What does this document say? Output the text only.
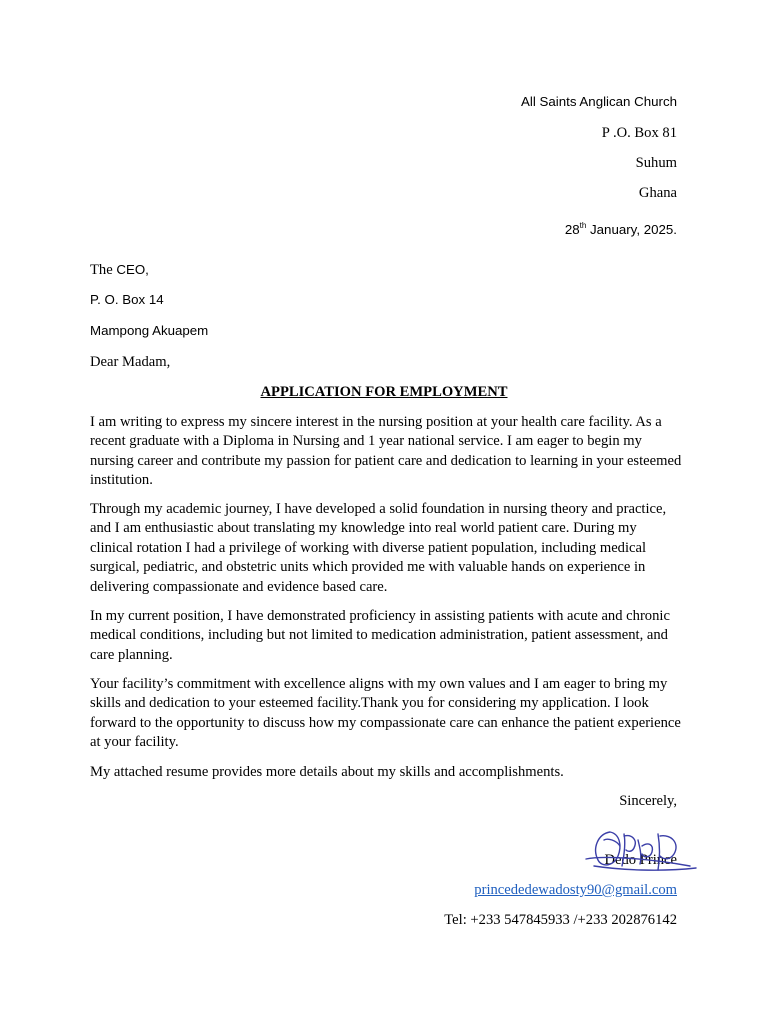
All Saints Anglican Church
P .O. Box 81
Suhum
Ghana
28th January, 2025.
The CEO,
P. O. Box 14
Mampong Akuapem
Dear Madam,
APPLICATION FOR EMPLOYMENT
I am writing to express my sincere interest in the nursing position at your health care facility. As a recent graduate with a Diploma in Nursing and 1 year national service. I am eager to begin my nursing career and contribute my passion for patient care and dedication to learning in your esteemed institution.
Through my academic journey, I have developed a solid foundation in nursing theory and practice, and I am enthusiastic about translating my knowledge into real world patient care. During my clinical rotation I had a privilege of working with diverse patient population, including medical surgical, pediatric, and obstetric units which provided me with valuable hands on experience in delivering compassionate and evidence based care.
In my current position, I have demonstrated proficiency in assisting patients with acute and chronic medical conditions, including but not limited to medication administration, patient assessment, and care planning.
Your facility’s commitment with excellence aligns with my own values and I am eager to bring my skills and dedication to your esteemed facility.Thank you for considering my application. I look forward to the opportunity to discuss how my compassionate care can enhance the patient experience at your facility.
My attached resume provides more details about my skills and accomplishments.
Sincerely,
Dedo Prince
princededewadosty90@gmail.com
Tel: +233 547845933 /+233 202876142
